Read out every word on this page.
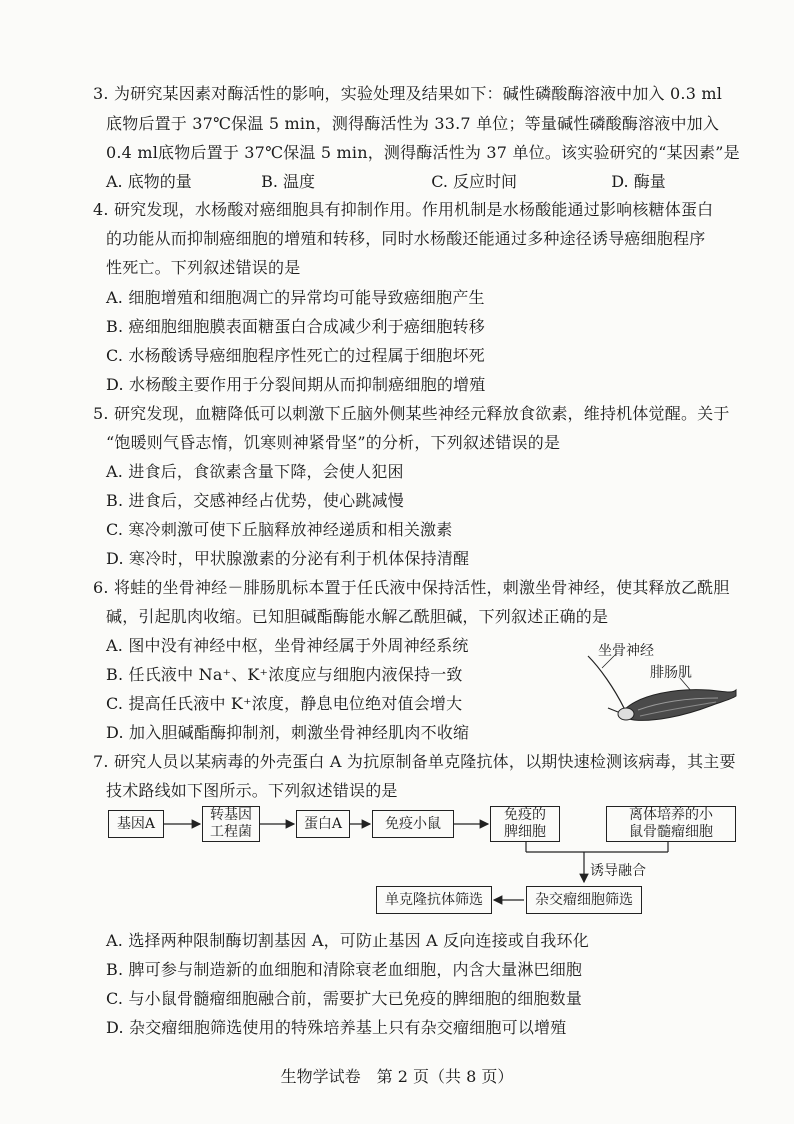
3. 为研究某因素对酶活性的影响，实验处理及结果如下：碱性磷酸酶溶液中加入 0.3 ml
底物后置于 37℃保温 5 min，测得酶活性为 33.7 单位；等量碱性磷酸酶溶液中加入
0.4 ml底物后置于 37℃保温 5 min，测得酶活性为 37 单位。该实验研究的“某因素”是
A. 底物的量	B. 温度	C. 反应时间	D. 酶量
4. 研究发现，水杨酸对癌细胞具有抑制作用。作用机制是水杨酸能通过影响核糖体蛋白
的功能从而抑制癌细胞的增殖和转移，同时水杨酸还能通过多种途径诱导癌细胞程序
性死亡。下列叙述错误的是
A. 细胞增殖和细胞凋亡的异常均可能导致癌细胞产生
B. 癌细胞细胞膜表面糖蛋白合成减少利于癌细胞转移
C. 水杨酸诱导癌细胞程序性死亡的过程属于细胞坏死
D. 水杨酸主要作用于分裂间期从而抑制癌细胞的增殖
5. 研究发现，血糖降低可以刺激下丘脑外侧某些神经元释放食欲素，维持机体觉醒。关于
“饱暖则气昏志惰，饥寒则神紧骨坚”的分析，下列叙述错误的是
A. 进食后，食欲素含量下降，会使人犯困
B. 进食后，交感神经占优势，使心跳减慢
C. 寒冷刺激可使下丘脑释放神经递质和相关激素
D. 寒冷时，甲状腺激素的分泌有利于机体保持清醒
6. 将蛙的坐骨神经－腓肠肌标本置于任氏液中保持活性，刺激坐骨神经，使其释放乙酰胆
碱，引起肌肉收缩。已知胆碱酯酶能水解乙酰胆碱，下列叙述正确的是
A. 图中没有神经中枢，坐骨神经属于外周神经系统
B. 任氏液中 Na⁺、K⁺浓度应与细胞内液保持一致
C. 提高任氏液中 K⁺浓度，静息电位绝对值会增大
D. 加入胆碱酯酶抑制剂，刺激坐骨神经肌肉不收缩
坐骨神经
腓肠肌
7. 研究人员以某病毒的外壳蛋白 A 为抗原制备单克隆抗体，以期快速检测该病毒，其主要
技术路线如下图所示。下列叙述错误的是
基因A
转基因
工程菌
蛋白A	免疫小鼠
免疫的
脾细胞
离体培养的小
鼠骨髓瘤细胞
诱导融合
杂交瘤细胞筛选
单克隆抗体筛选
A. 选择两种限制酶切割基因 A，可防止基因 A 反向连接或自我环化
B. 脾可参与制造新的血细胞和清除衰老血细胞，内含大量淋巴细胞
C. 与小鼠骨髓瘤细胞融合前，需要扩大已免疫的脾细胞的细胞数量
D. 杂交瘤细胞筛选使用的特殊培养基上只有杂交瘤细胞可以增殖
生物学试卷　第 2 页（共 8 页）
